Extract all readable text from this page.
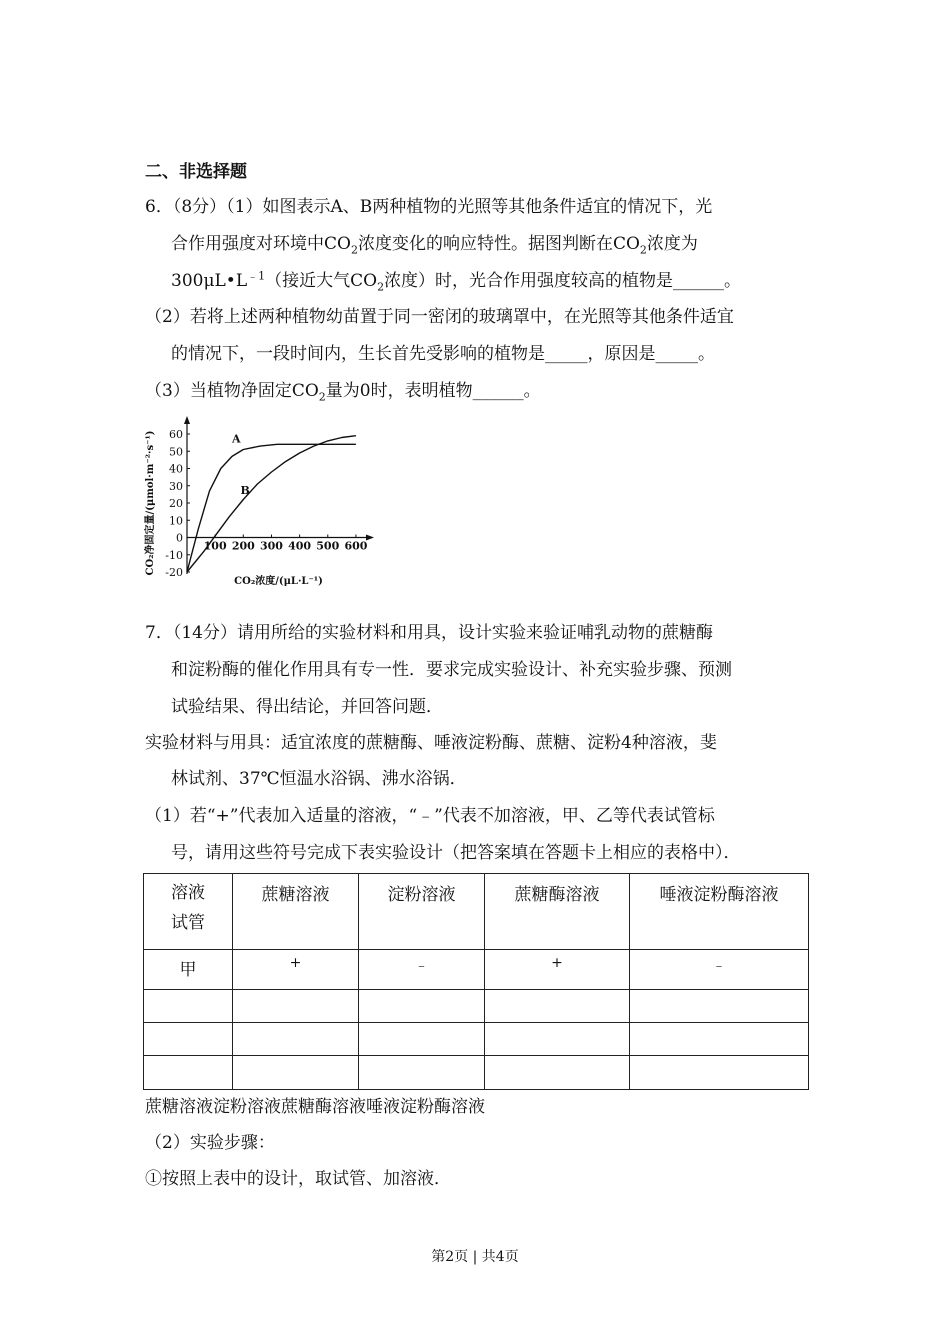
二、非选择题
6．（8分）（1）如图表示A、B两种植物的光照等其他条件适宜的情况下，光
合作用强度对环境中$CO_2$浓度变化的响应特性。据图判断在$CO_2$浓度为
$300\mu L•L^{﹣1}$（接近大气$CO_2$浓度）时，光合作用强度较高的植物是______。
（2）若将上述两种植物幼苗置于同一密闭的玻璃罩中，在光照等其他条件适宜
的情况下，一段时间内，生长首先受影响的植物是_____，原因是_____。
（3）当植物净固定$CO_2$量为0时，表明植物______。
60
50
40
30
20
10
0
-10
-20
100 200 300 400 500 600
A
B
CO₂净固定量/(μmol·m⁻²·s⁻¹)
CO₂浓度/(μL·L⁻¹)
7．（14分）请用所给的实验材料和用具，设计实验来验证哺乳动物的蔗糖酶
和淀粉酶的催化作用具有专一性．要求完成实验设计、补充实验步骤、预测
试验结果、得出结论，并回答问题．
实验材料与用具：适宜浓度的蔗糖酶、唾液淀粉酶、蔗糖、淀粉4种溶液，斐
林试剂、37℃恒温水浴锅、沸水浴锅．
（1）若“+”代表加入适量的溶液，“﹣”代表不加溶液，甲、乙等代表试管标
号，请用这些符号完成下表实验设计（把答案填在答题卡上相应的表格中）．
溶液
试管	蔗糖溶液	淀粉溶液	蔗糖酶溶液	唾液淀粉酶溶液
甲	+	﹣	+	﹣

蔗糖溶液淀粉溶液蔗糖酶溶液唾液淀粉酶溶液
（2）实验步骤：
①按照上表中的设计，取试管、加溶液．
第2页 | 共4页
